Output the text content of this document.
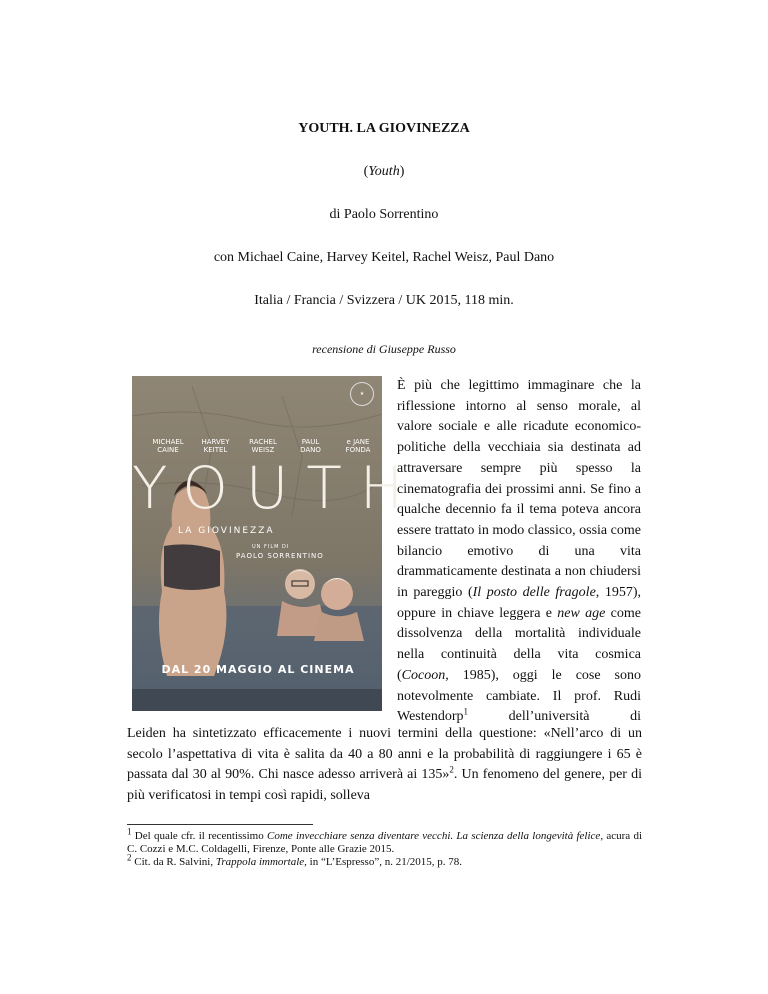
YOUTH. LA GIOVINEZZA
(Youth)
di Paolo Sorrentino
con Michael Caine, Harvey Keitel, Rachel Weisz, Paul Dano
Italia / Francia / Svizzera / UK 2015, 118 min.
recensione di Giuseppe Russo
★
MICHAEL CAINE
HARVEY KEITEL
RACHEL WEISZ
PAUL DANO
e JANE FONDA
YOUTH
LA GIOVINEZZA
UN FILM DI
PAOLO SORRENTINO
DAL 20 MAGGIO AL CINEMA

È più che legittimo immaginare che la riflessione intorno al senso morale, al valore sociale e alle ricadute economico-politiche della vecchiaia sia destinata ad attraversare sempre più spesso la cinematografia dei prossimi anni. Se fino a qualche decennio fa il tema poteva ancora essere trattato in modo classico, ossia come bilancio emotivo di una vita drammaticamente destinata a non chiudersi in pareggio (Il posto delle fragole, 1957), oppure in chiave leggera e new age come dissolvenza della mortalità individuale nella continuità della vita cosmica (Cocoon, 1985), oggi le cose sono notevolmente cambiate. Il prof. Rudi Westendorp$^1$ dell’università di

Leiden ha sintetizzato efficacemente i nuovi termini della questione: «Nell’arco di un secolo l’aspettativa di vita è salita da 40 a 80 anni e la probabilità di raggiungere i 65 è passata dal 30 al 90%. Chi nasce adesso arriverà ai 135»$^2$. Un fenomeno del genere, per di più verificatosi in tempi così rapidi, solleva

$^1$ Del quale cfr. il recentissimo Come invecchiare senza diventare vecchi. La scienza della longevità felice, acura di C. Cozzi e M.C. Coldagelli, Firenze, Ponte alle Grazie 2015.

$^2$ Cit. da R. Salvini, Trappola immortale, in “L’Espresso”, n. 21/2015, p. 78.
